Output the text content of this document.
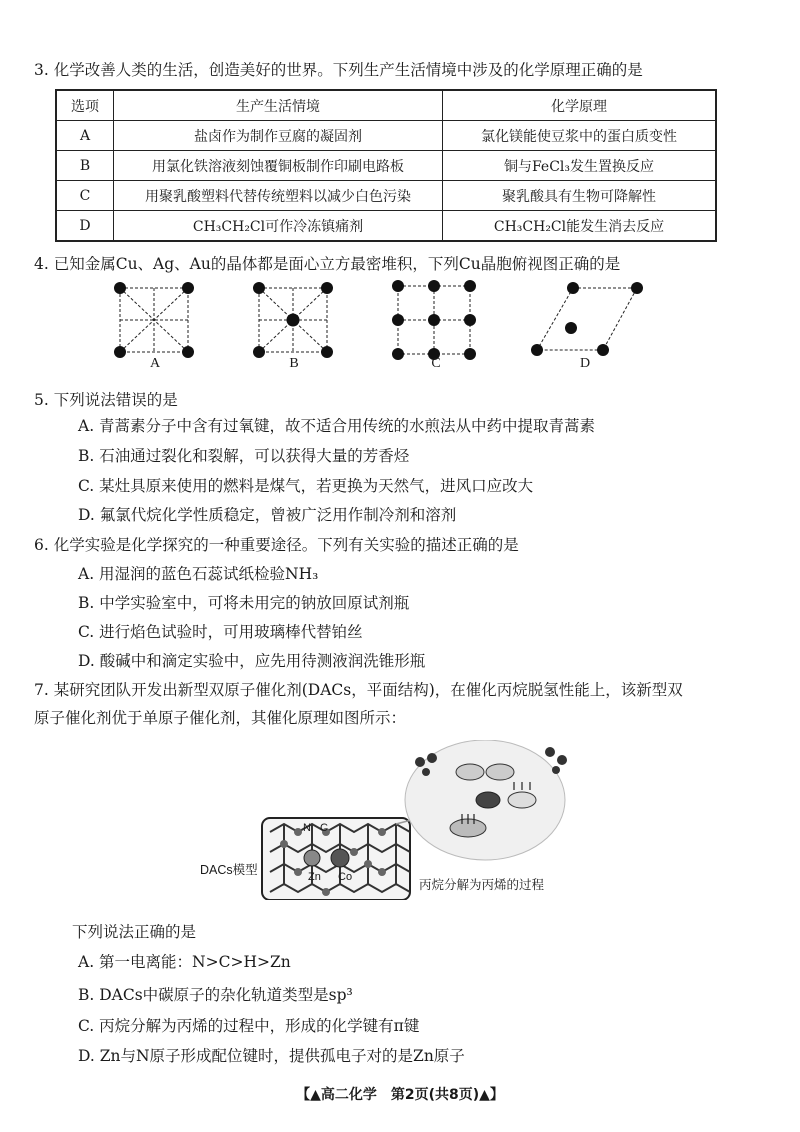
3. 化学改善人类的生活，创造美好的世界。下列生产生活情境中涉及的化学原理正确的是
选项	生产生活情境	化学原理
A	盐卤作为制作豆腐的凝固剂	氯化镁能使豆浆中的蛋白质变性
B	用氯化铁溶液刻蚀覆铜板制作印刷电路板	铜与FeCl₃发生置换反应
C	用聚乳酸塑料代替传统塑料以减少白色污染	聚乳酸具有生物可降解性
D	CH₃CH₂Cl可作冷冻镇痛剂	CH₃CH₂Cl能发生消去反应
4. 已知金属Cu、Ag、Au的晶体都是面心立方最密堆积，下列Cu晶胞俯视图正确的是
A	B	C	D
5. 下列说法错误的是
A. 青蒿素分子中含有过氧键，故不适合用传统的水煎法从中药中提取青蒿素
B. 石油通过裂化和裂解，可以获得大量的芳香烃
C. 某灶具原来使用的燃料是煤气，若更换为天然气，进风口应改大
D. 氟氯代烷化学性质稳定，曾被广泛用作制冷剂和溶剂
6. 化学实验是化学探究的一种重要途径。下列有关实验的描述正确的是
A. 用湿润的蓝色石蕊试纸检验NH₃
B. 中学实验室中，可将未用完的钠放回原试剂瓶
C. 进行焰色试验时，可用玻璃棒代替铂丝
D. 酸碱中和滴定实验中，应先用待测液润洗锥形瓶
7. 某研究团队开发出新型双原子催化剂(DACs，平面结构)，在催化丙烷脱氢性能上，该新型双
原子催化剂优于单原子催化剂，其催化原理如图所示：
N C
Zn Co
DACs模型
丙烷分解为丙烯的过程
下列说法正确的是
A. 第一电离能：N>C>H>Zn
B. DACs中碳原子的杂化轨道类型是sp³
C. 丙烷分解为丙烯的过程中，形成的化学键有π键
D. Zn与N原子形成配位键时，提供孤电子对的是Zn原子
【▲高二化学　第2页(共8页)▲】
